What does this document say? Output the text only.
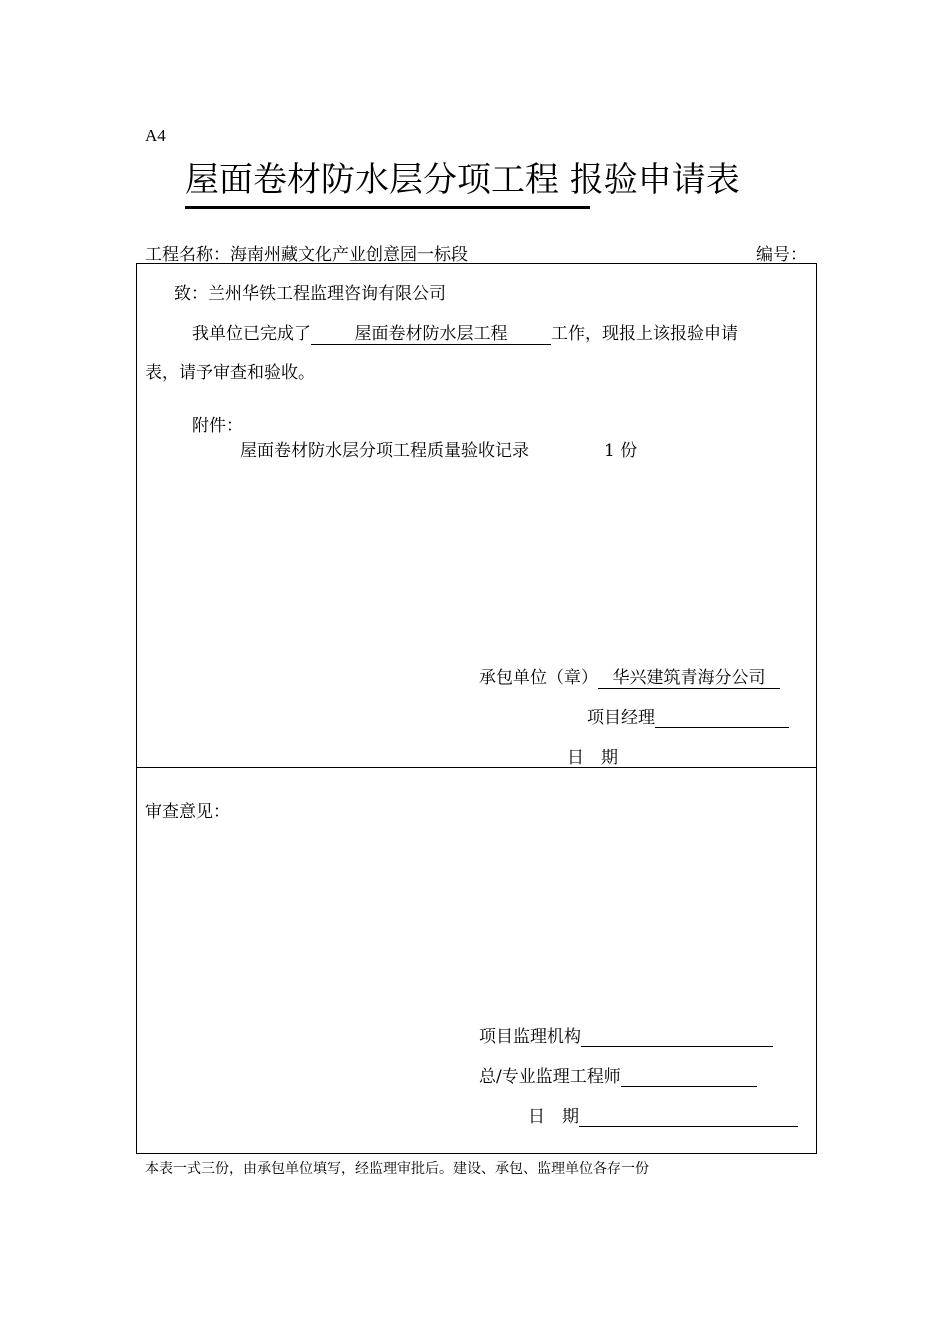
A4
屋面卷材防水层分项工程 报验申请表
工程名称：海南州藏文化产业创意园一标段	编号：
致：兰州华铁工程监理咨询有限公司
我单位已完成了	屋面卷材防水层工程	工作，现报上该报验申请
表，请予审查和验收。
附件：
屋面卷材防水层分项工程质量验收记录	1 份
承包单位（章） 华兴建筑青海分公司
项目经理
日　期
审查意见：
项目监理机构
总/专业监理工程师
日　期
本表一式三份，由承包单位填写，经监理审批后。建设、承包、监理单位各存一份
